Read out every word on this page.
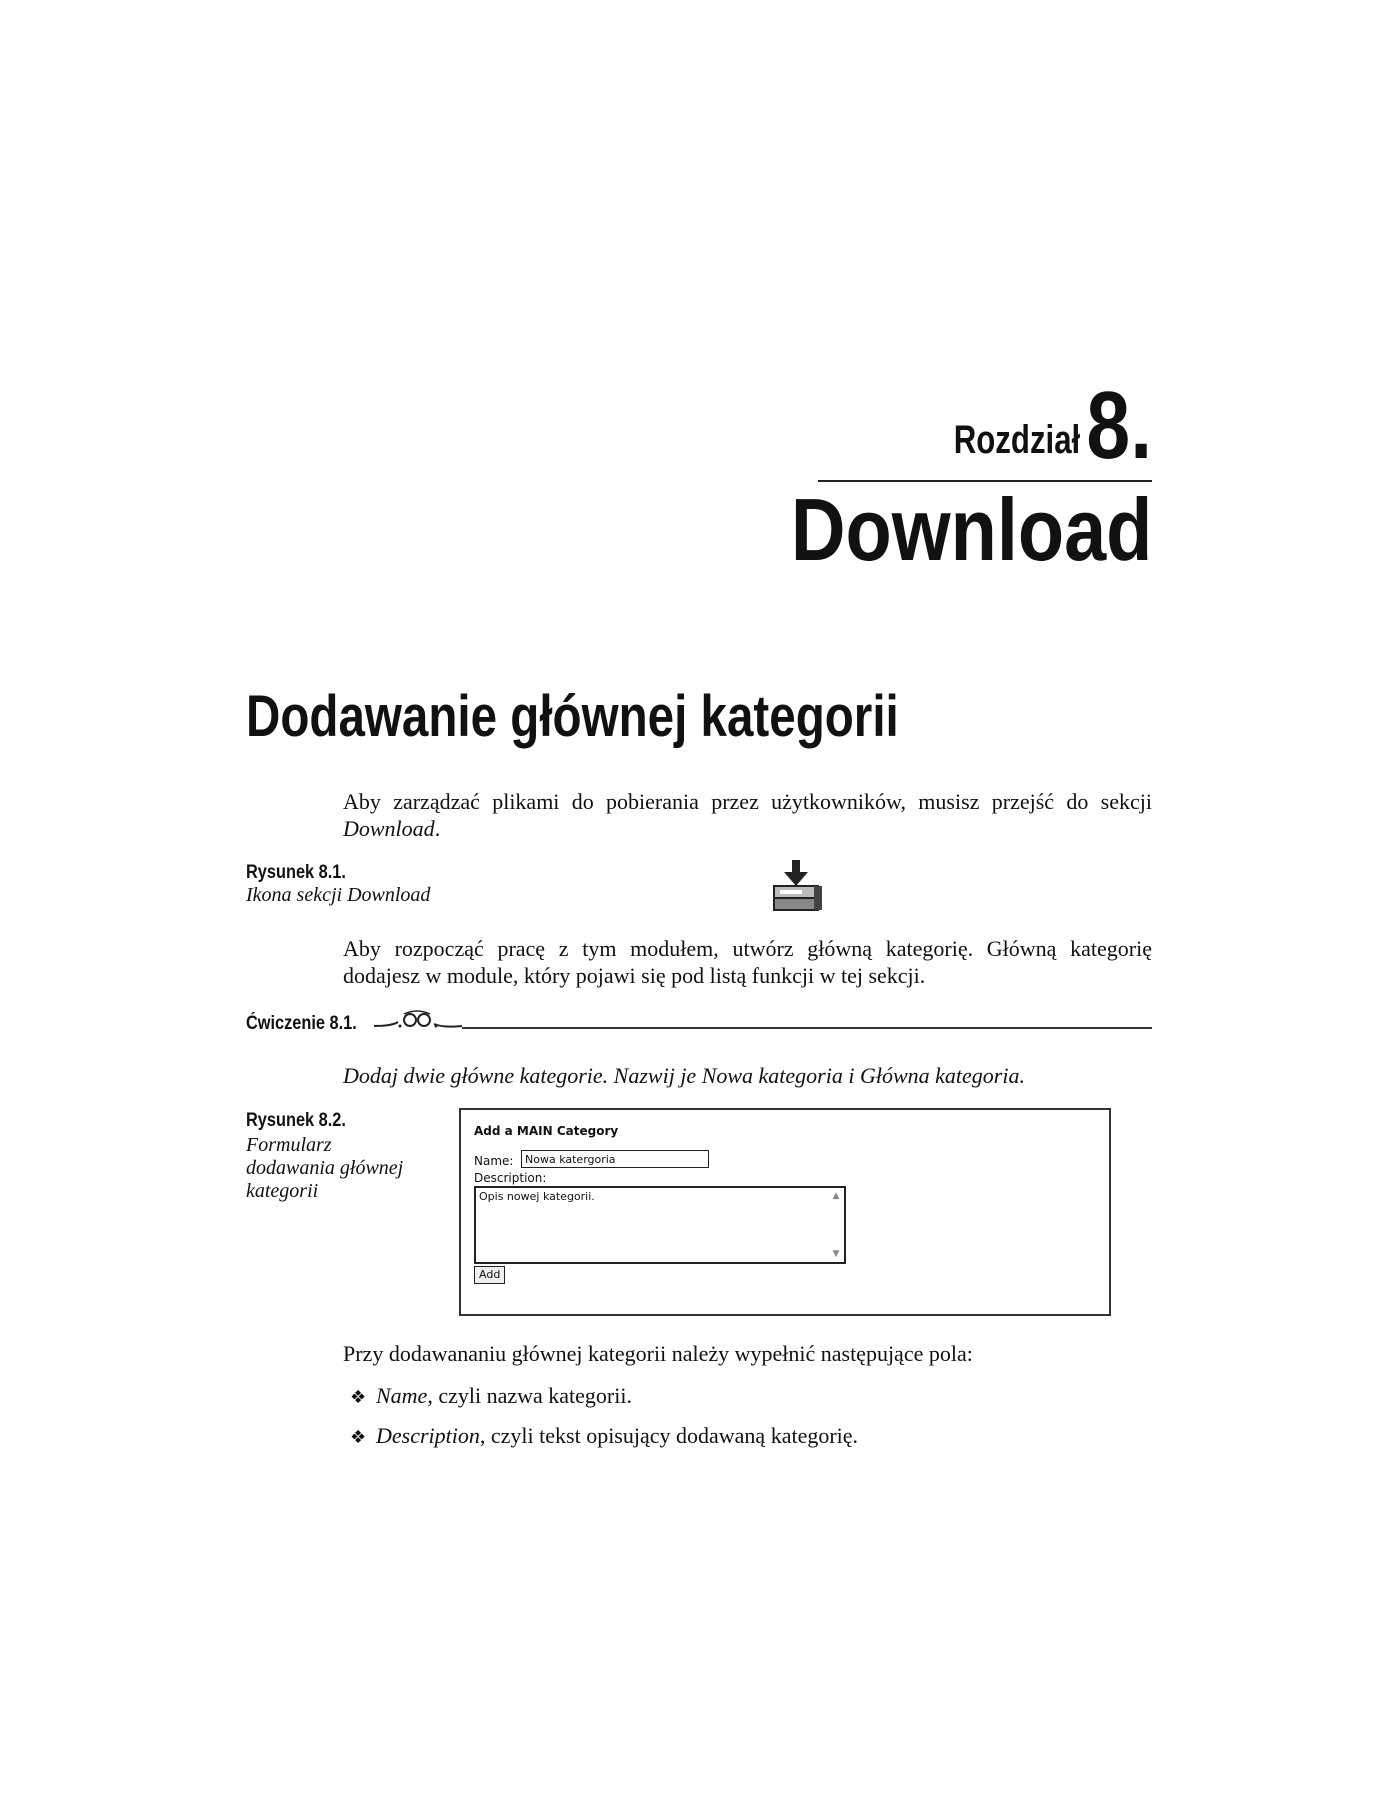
8.
Rozdział
Download
Dodawanie głównej kategorii
Aby zarządzać plikami do pobierania przez użytkowników, musisz przejść do sekcji Download.
Rysunek 8.1.
Ikona sekcji Download
Aby rozpocząć pracę z tym modułem, utwórz główną kategorię. Główną kategorię dodajesz w module, który pojawi się pod listą funkcji w tej sekcji.
Ćwiczenie 8.1.
Dodaj dwie główne kategorie. Nazwij je Nowa kategoria i Główna kategoria.
Rysunek 8.2.
Formularz dodawania głównej kategorii
Add a MAIN Category
Name:	Nowa katergoria
Description:
Opis nowej kategorii.	▲
▼
Add
Przy dodawananiu głównej kategorii należy wypełnić następujące pola:
❖ Name, czyli nazwa kategorii.
❖ Description, czyli tekst opisujący dodawaną kategorię.
